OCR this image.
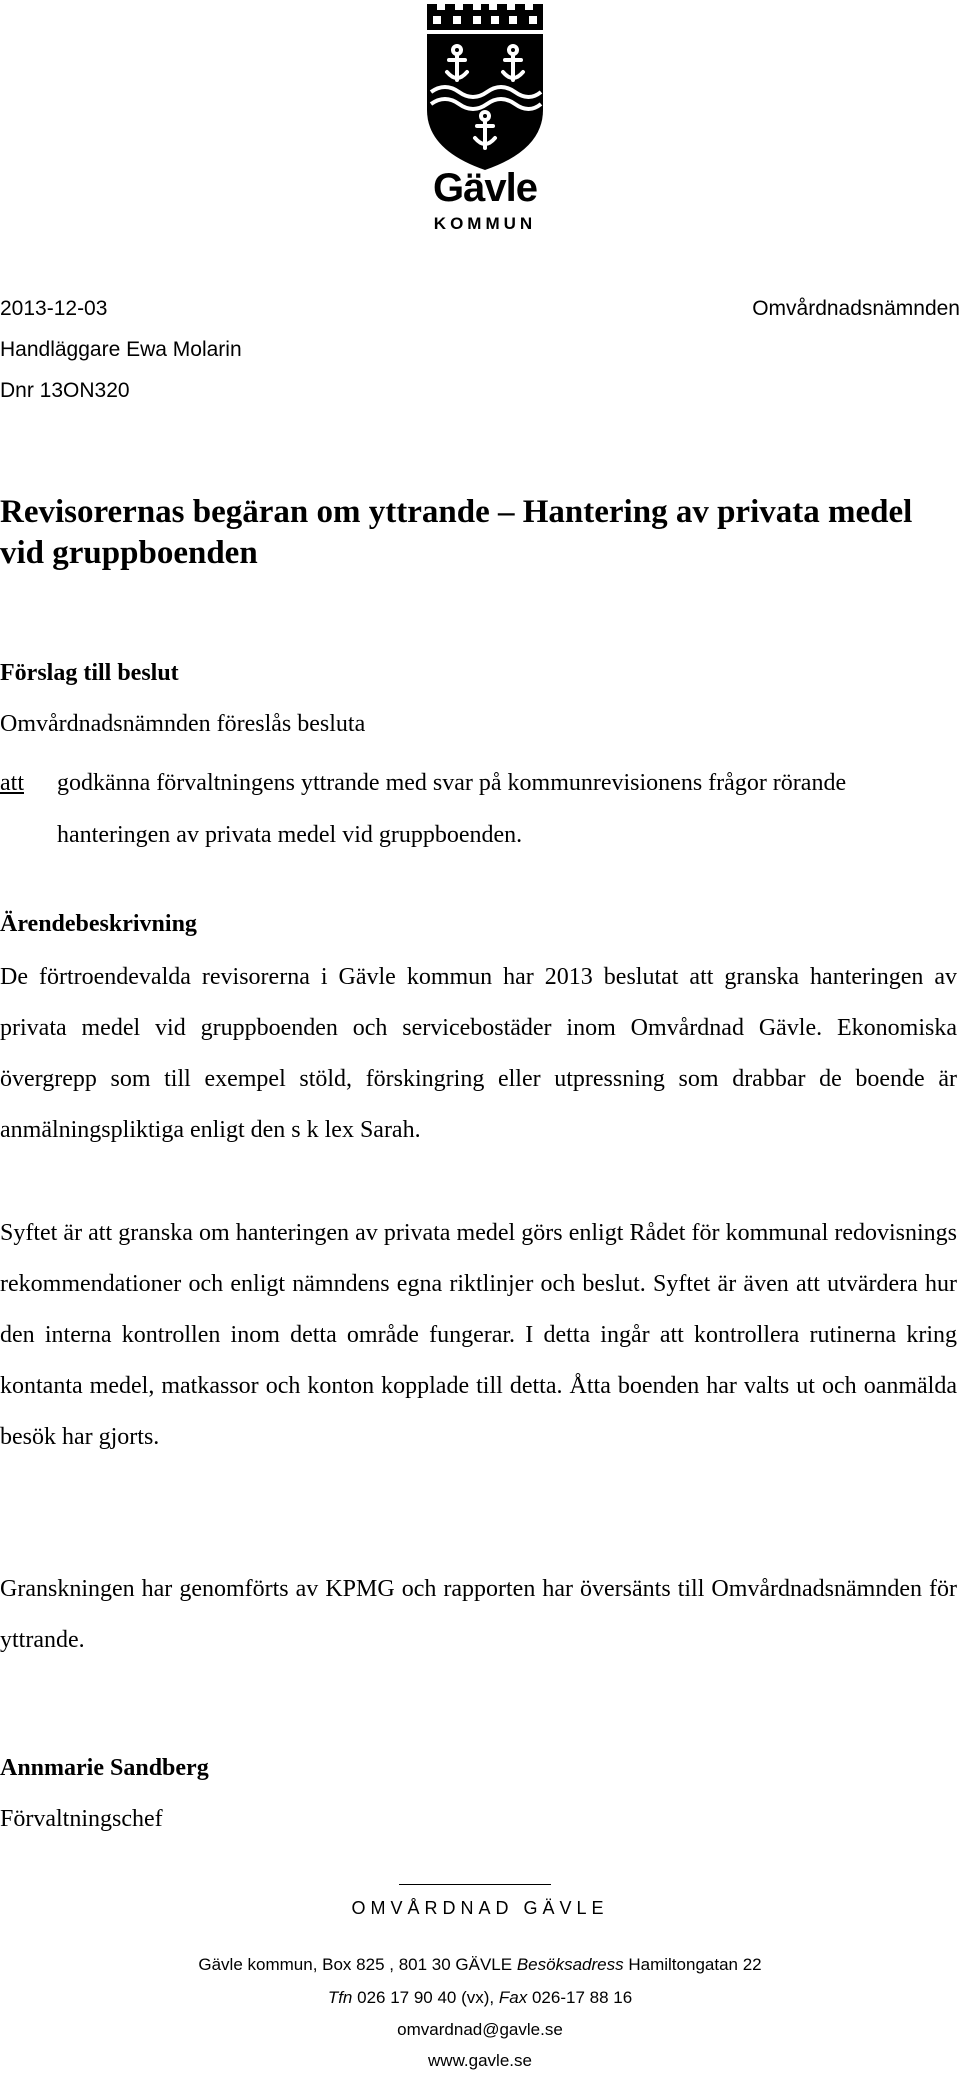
Gävle
KOMMUN
2013-12-03	Omvårdnadsnämnden
Handläggare Ewa Molarin
Dnr 13ON320
Revisorernas begäran om yttrande – Hantering av privata medel vid gruppboenden
Förslag till beslut
Omvårdnadsnämnden föreslås besluta
att godkänna förvaltningens yttrande med svar på kommunrevisionens frågor rörande hanteringen av privata medel vid gruppboenden.
Ärendebeskrivning
De förtroendevalda revisorerna i Gävle kommun har 2013 beslutat att granska hanteringen av privata medel vid gruppboenden och servicebostäder inom Omvårdnad Gävle. Ekonomiska övergrepp som till exempel stöld, förskingring eller utpressning som drabbar de boende är anmälningspliktiga enligt den s k lex Sarah.
Syftet är att granska om hanteringen av privata medel görs enligt Rådet för kommunal redovisnings rekommendationer och enligt nämndens egna riktlinjer och beslut. Syftet är även att utvärdera hur den interna kontrollen inom detta område fungerar. I detta ingår att kontrollera rutinerna kring kontanta medel, matkassor och konton kopplade till detta. Åtta boenden har valts ut och oanmälda besök har gjorts.
Granskningen har genomförts av KPMG och rapporten har översänts till Omvårdnadsnämnden för yttrande.
Annmarie Sandberg
Förvaltningschef
OMVÅRDNAD GÄVLE
Gävle kommun, Box 825 , 801 30 GÄVLE Besöksadress Hamiltongatan 22
Tfn 026 17 90 40 (vx), Fax 026-17 88 16
omvardnad@gavle.se
www.gavle.se
